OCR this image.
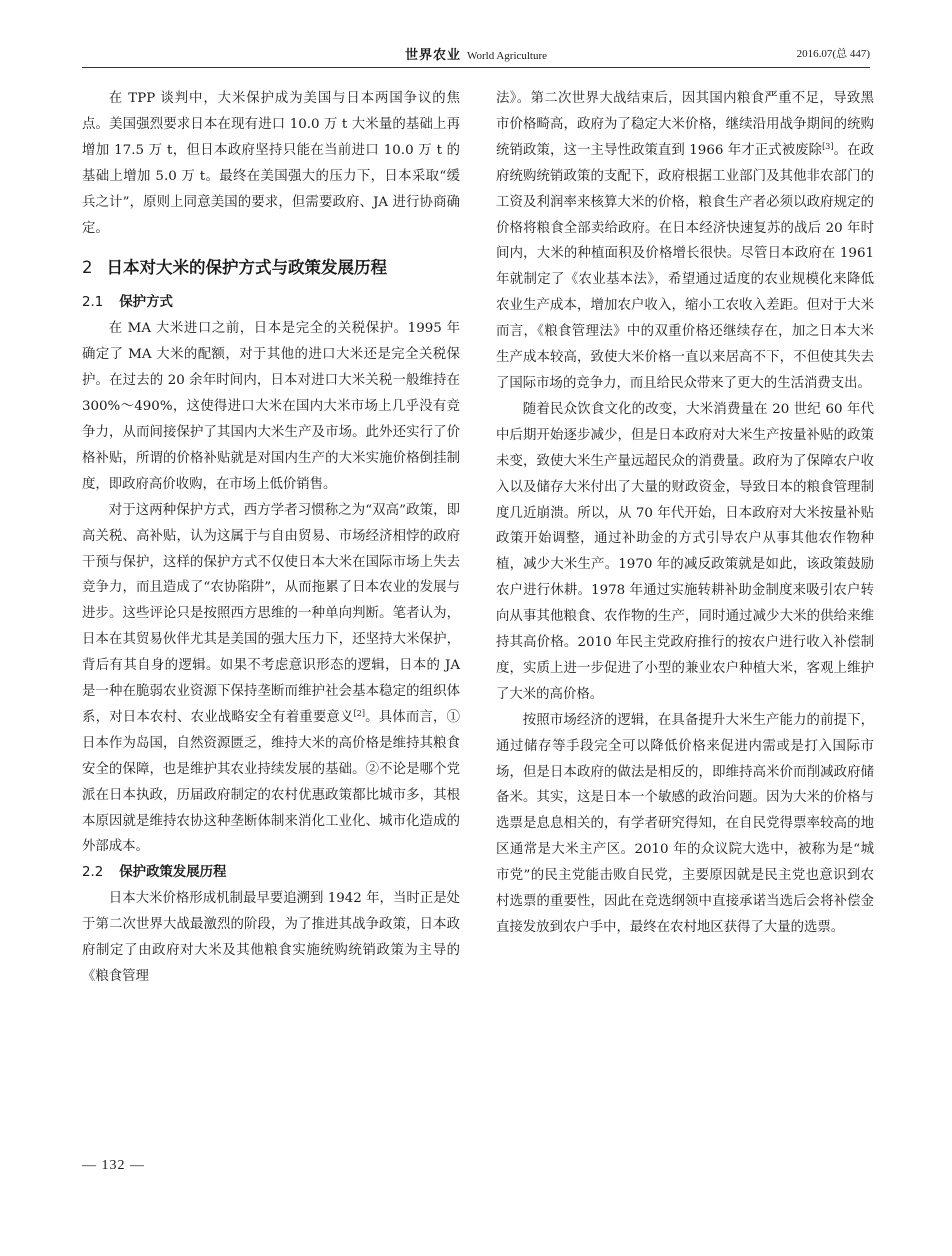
世界农业 World Agriculture	2016.07(总 447)

在 TPP 谈判中，大米保护成为美国与日本两国争议的焦点。美国强烈要求日本在现有进口 10.0 万 t 大米量的基础上再增加 17.5 万 t，但日本政府坚持只能在当前进口 10.0 万 t 的基础上增加 5.0 万 t。最终在美国强大的压力下，日本采取“缓兵之计”，原则上同意美国的要求，但需要政府、JA 进行协商确定。

2 日本对大米的保护方式与政策发展历程
2.1 保护方式

在 MA 大米进口之前，日本是完全的关税保护。1995 年确定了 MA 大米的配额，对于其他的进口大米还是完全关税保护。在过去的 20 余年时间内，日本对进口大米关税一般维持在 300%～490%，这使得进口大米在国内大米市场上几乎没有竞争力，从而间接保护了其国内大米生产及市场。此外还实行了价格补贴，所谓的价格补贴就是对国内生产的大米实施价格倒挂制度，即政府高价收购，在市场上低价销售。

对于这两种保护方式，西方学者习惯称之为“双高”政策，即高关税、高补贴，认为这属于与自由贸易、市场经济相悖的政府干预与保护，这样的保护方式不仅使日本大米在国际市场上失去竞争力，而且造成了“农协陷阱”，从而拖累了日本农业的发展与进步。这些评论只是按照西方思维的一种单向判断。笔者认为，日本在其贸易伙伴尤其是美国的强大压力下，还坚持大米保护，背后有其自身的逻辑。如果不考虑意识形态的逻辑，日本的 JA 是一种在脆弱农业资源下保持垄断而维护社会基本稳定的组织体系，对日本农村、农业战略安全有着重要意义[2]。具体而言，①日本作为岛国，自然资源匮乏，维持大米的高价格是维持其粮食安全的保障，也是维护其农业持续发展的基础。②不论是哪个党派在日本执政，历届政府制定的农村优惠政策都比城市多，其根本原因就是维持农协这种垄断体制来消化工业化、城市化造成的外部成本。

2.2 保护政策发展历程

日本大米价格形成机制最早要追溯到 1942 年，当时正是处于第二次世界大战最激烈的阶段，为了推进其战争政策，日本政府制定了由政府对大米及其他粮食实施统购统销政策为主导的《粮食管理

法》。第二次世界大战结束后，因其国内粮食严重不足，导致黑市价格畸高，政府为了稳定大米价格，继续沿用战争期间的统购统销政策，这一主导性政策直到 1966 年才正式被废除[3]。在政府统购统销政策的支配下，政府根据工业部门及其他非农部门的工资及利润率来核算大米的价格，粮食生产者必须以政府规定的价格将粮食全部卖给政府。在日本经济快速复苏的战后 20 年时间内，大米的种植面积及价格增长很快。尽管日本政府在 1961 年就制定了《农业基本法》，希望通过适度的农业规模化来降低农业生产成本，增加农户收入，缩小工农收入差距。但对于大米而言，《粮食管理法》中的双重价格还继续存在，加之日本大米生产成本较高，致使大米价格一直以来居高不下，不但使其失去了国际市场的竞争力，而且给民众带来了更大的生活消费支出。

随着民众饮食文化的改变，大米消费量在 20 世纪 60 年代中后期开始逐步减少，但是日本政府对大米生产按量补贴的政策未变，致使大米生产量远超民众的消费量。政府为了保障农户收入以及储存大米付出了大量的财政资金，导致日本的粮食管理制度几近崩溃。所以，从 70 年代开始，日本政府对大米按量补贴政策开始调整，通过补助金的方式引导农户从事其他农作物种植，减少大米生产。1970 年的减反政策就是如此，该政策鼓励农户进行休耕。1978 年通过实施转耕补助金制度来吸引农户转向从事其他粮食、农作物的生产，同时通过减少大米的供给来维持其高价格。2010 年民主党政府推行的按农户进行收入补偿制度，实质上进一步促进了小型的兼业农户种植大米，客观上维护了大米的高价格。

按照市场经济的逻辑，在具备提升大米生产能力的前提下，通过储存等手段完全可以降低价格来促进内需或是打入国际市场，但是日本政府的做法是相反的，即维持高米价而削减政府储备米。其实，这是日本一个敏感的政治问题。因为大米的价格与选票是息息相关的，有学者研究得知，在自民党得票率较高的地区通常是大米主产区。2010 年的众议院大选中，被称为是“城市党”的民主党能击败自民党，主要原因就是民主党也意识到农村选票的重要性，因此在竞选纲领中直接承诺当选后会将补偿金直接发放到农户手中，最终在农村地区获得了大量的选票。

— 132 —
